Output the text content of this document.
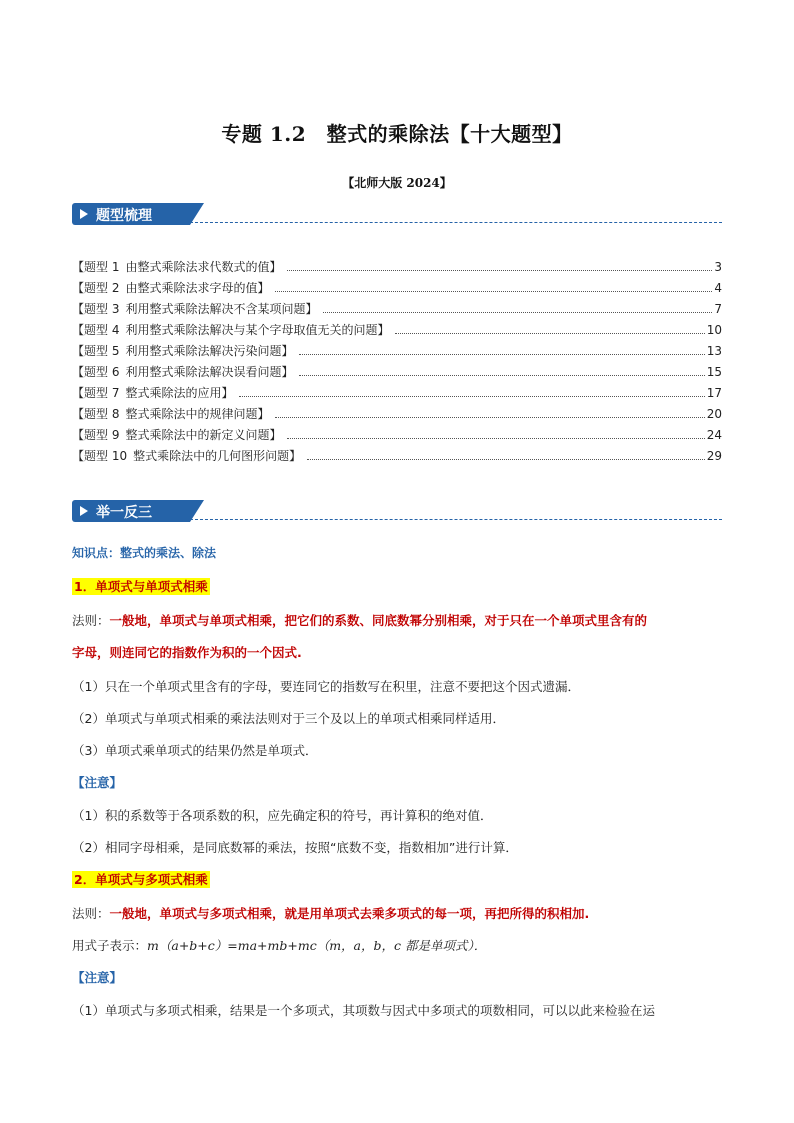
专题 1.2　整式的乘除法【十大题型】
【北师大版 2024】
题型梳理
【题型 1 由整式乘除法求代数式的值】	3
【题型 2 由整式乘除法求字母的值】	4
【题型 3 利用整式乘除法解决不含某项问题】	7
【题型 4 利用整式乘除法解决与某个字母取值无关的问题】	10
【题型 5 利用整式乘除法解决污染问题】	13
【题型 6 利用整式乘除法解决误看问题】	15
【题型 7 整式乘除法的应用】	17
【题型 8 整式乘除法中的规律问题】	20
【题型 9 整式乘除法中的新定义问题】	24
【题型 10 整式乘除法中的几何图形问题】	29
举一反三
知识点：整式的乘法、除法
1．单项式与单项式相乘
法则：一般地，单项式与单项式相乘，把它们的系数、同底数幂分别相乘，对于只在一个单项式里含有的
字母，则连同它的指数作为积的一个因式.
（1）只在一个单项式里含有的字母，要连同它的指数写在积里，注意不要把这个因式遗漏．
（2）单项式与单项式相乘的乘法法则对于三个及以上的单项式相乘同样适用．
（3）单项式乘单项式的结果仍然是单项式．
【注意】
（1）积的系数等于各项系数的积，应先确定积的符号，再计算积的绝对值．
（2）相同字母相乘，是同底数幂的乘法，按照“底数不变，指数相加”进行计算．
2．单项式与多项式相乘
法则：一般地，单项式与多项式相乘，就是用单项式去乘多项式的每一项，再把所得的积相加.
用式子表示：m（a+b+c）=ma+mb+mc（m，a，b，c 都是单项式）．
【注意】
（1）单项式与多项式相乘，结果是一个多项式，其项数与因式中多项式的项数相同，可以以此来检验在运
